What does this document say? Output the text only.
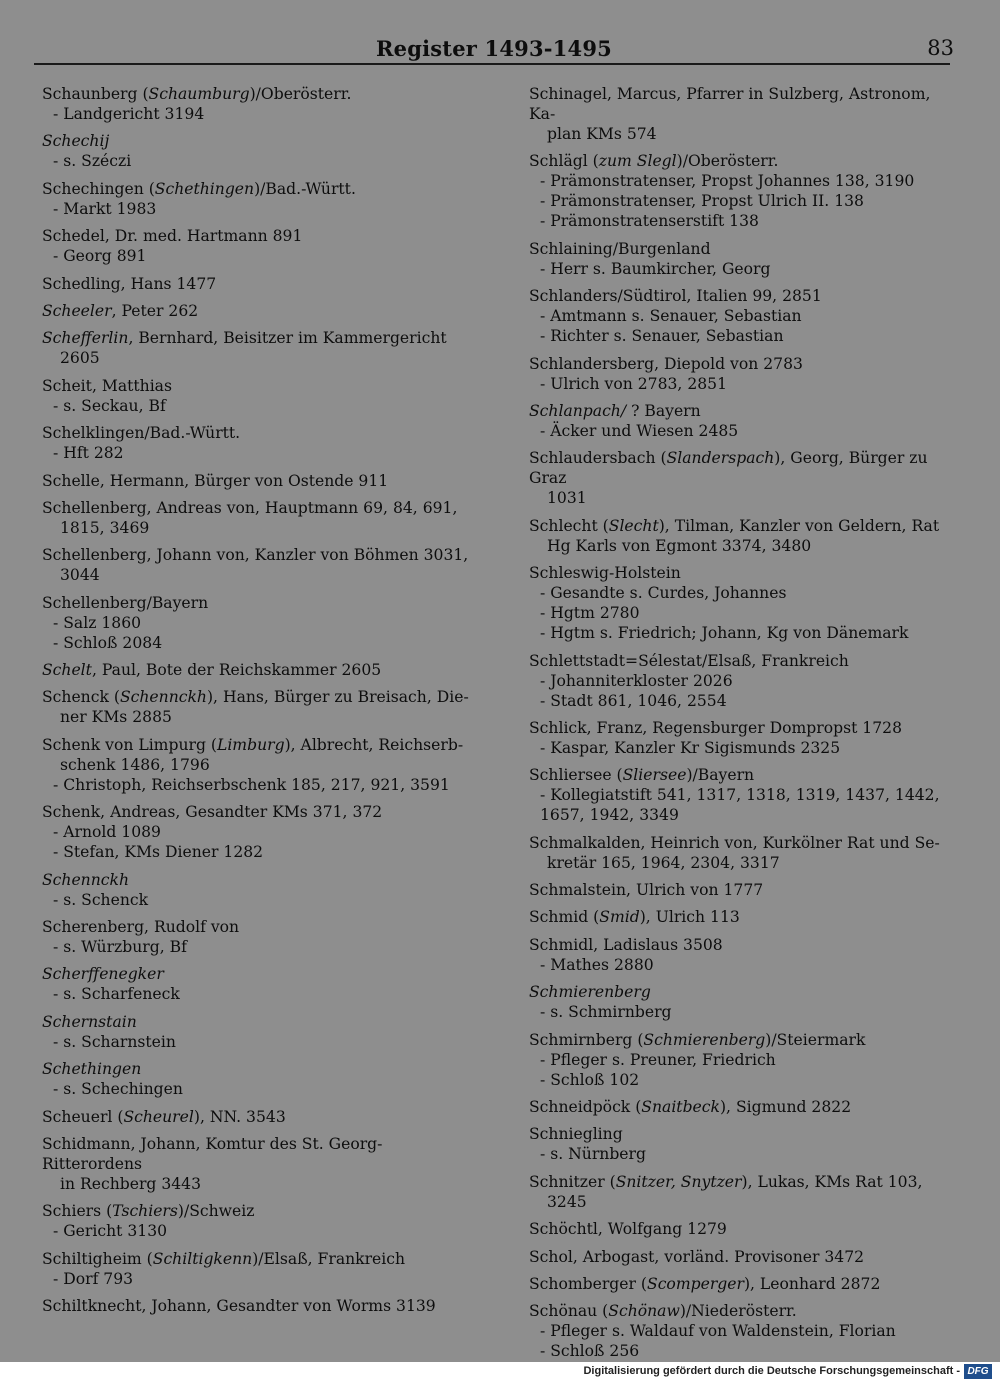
Register 1493-1495	83
Schaunberg (Schaumburg)/Oberösterr.
- Landgericht 3194
Schechij
- s. Széczi
Schechingen (Schethingen)/Bad.-Württ.
- Markt 1983
Schedel, Dr. med. Hartmann 891
- Georg 891
Schedling, Hans 1477
Scheeler, Peter 262
Schefferlin, Bernhard, Beisitzer im Kammergericht
2605
Scheit, Matthias
- s. Seckau, Bf
Schelklingen/Bad.-Württ.
- Hft 282
Schelle, Hermann, Bürger von Ostende 911
Schellenberg, Andreas von, Hauptmann 69, 84, 691,
1815, 3469
Schellenberg, Johann von, Kanzler von Böhmen 3031,
3044
Schellenberg/Bayern
- Salz 1860
- Schloß 2084
Schelt, Paul, Bote der Reichskammer 2605
Schenck (Schennckh), Hans, Bürger zu Breisach, Die-
ner KMs 2885
Schenk von Limpurg (Limburg), Albrecht, Reichserb-
schenk 1486, 1796
- Christoph, Reichserbschenk 185, 217, 921, 3591
Schenk, Andreas, Gesandter KMs 371, 372
- Arnold 1089
- Stefan, KMs Diener 1282
Schennckh
- s. Schenck
Scherenberg, Rudolf von
- s. Würzburg, Bf
Scherffenegker
- s. Scharfeneck
Schernstain
- s. Scharnstein
Schethingen
- s. Schechingen
Scheuerl (Scheurel), NN. 3543
Schidmann, Johann, Komtur des St. Georg-Ritterordens
in Rechberg 3443
Schiers (Tschiers)/Schweiz
- Gericht 3130
Schiltigheim (Schiltigkenn)/Elsaß, Frankreich
- Dorf 793
Schiltknecht, Johann, Gesandter von Worms 3139
Schinagel, Marcus, Pfarrer in Sulzberg, Astronom, Ka-
plan KMs 574
Schlägl (zum Slegl)/Oberösterr.
- Prämonstratenser, Propst Johannes 138, 3190
- Prämonstratenser, Propst Ulrich II. 138
- Prämonstratenserstift 138
Schlaining/Burgenland
- Herr s. Baumkircher, Georg
Schlanders/Südtirol, Italien 99, 2851
- Amtmann s. Senauer, Sebastian
- Richter s. Senauer, Sebastian
Schlandersberg, Diepold von 2783
- Ulrich von 2783, 2851
Schlanpach/ ? Bayern
- Äcker und Wiesen 2485
Schlaudersbach (Slanderspach), Georg, Bürger zu Graz
1031
Schlecht (Slecht), Tilman, Kanzler von Geldern, Rat
Hg Karls von Egmont 3374, 3480
Schleswig-Holstein
- Gesandte s. Curdes, Johannes
- Hgtm 2780
- Hgtm s. Friedrich; Johann, Kg von Dänemark
Schlettstadt=Sélestat/Elsaß, Frankreich
- Johanniterkloster 2026
- Stadt 861, 1046, 2554
Schlick, Franz, Regensburger Dompropst 1728
- Kaspar, Kanzler Kr Sigismunds 2325
Schliersee (Sliersee)/Bayern
- Kollegiatstift 541, 1317, 1318, 1319, 1437, 1442,
1657, 1942, 3349
Schmalkalden, Heinrich von, Kurkölner Rat und Se-
kretär 165, 1964, 2304, 3317
Schmalstein, Ulrich von 1777
Schmid (Smid), Ulrich 113
Schmidl, Ladislaus 3508
- Mathes 2880
Schmierenberg
- s. Schmirnberg
Schmirnberg (Schmierenberg)/Steiermark
- Pfleger s. Preuner, Friedrich
- Schloß 102
Schneidpöck (Snaitbeck), Sigmund 2822
Schniegling
- s. Nürnberg
Schnitzer (Snitzer, Snytzer), Lukas, KMs Rat 103,
3245
Schöchtl, Wolfgang 1279
Schol, Arbogast, vorländ. Provisoner 3472
Schomberger (Scomperger), Leonhard 2872
Schönau (Schönaw)/Niederösterr.
- Pfleger s. Waldauf von Waldenstein, Florian
- Schloß 256
Digitalisierung gefördert durch die Deutsche Forschungsgemeinschaft - DFG
